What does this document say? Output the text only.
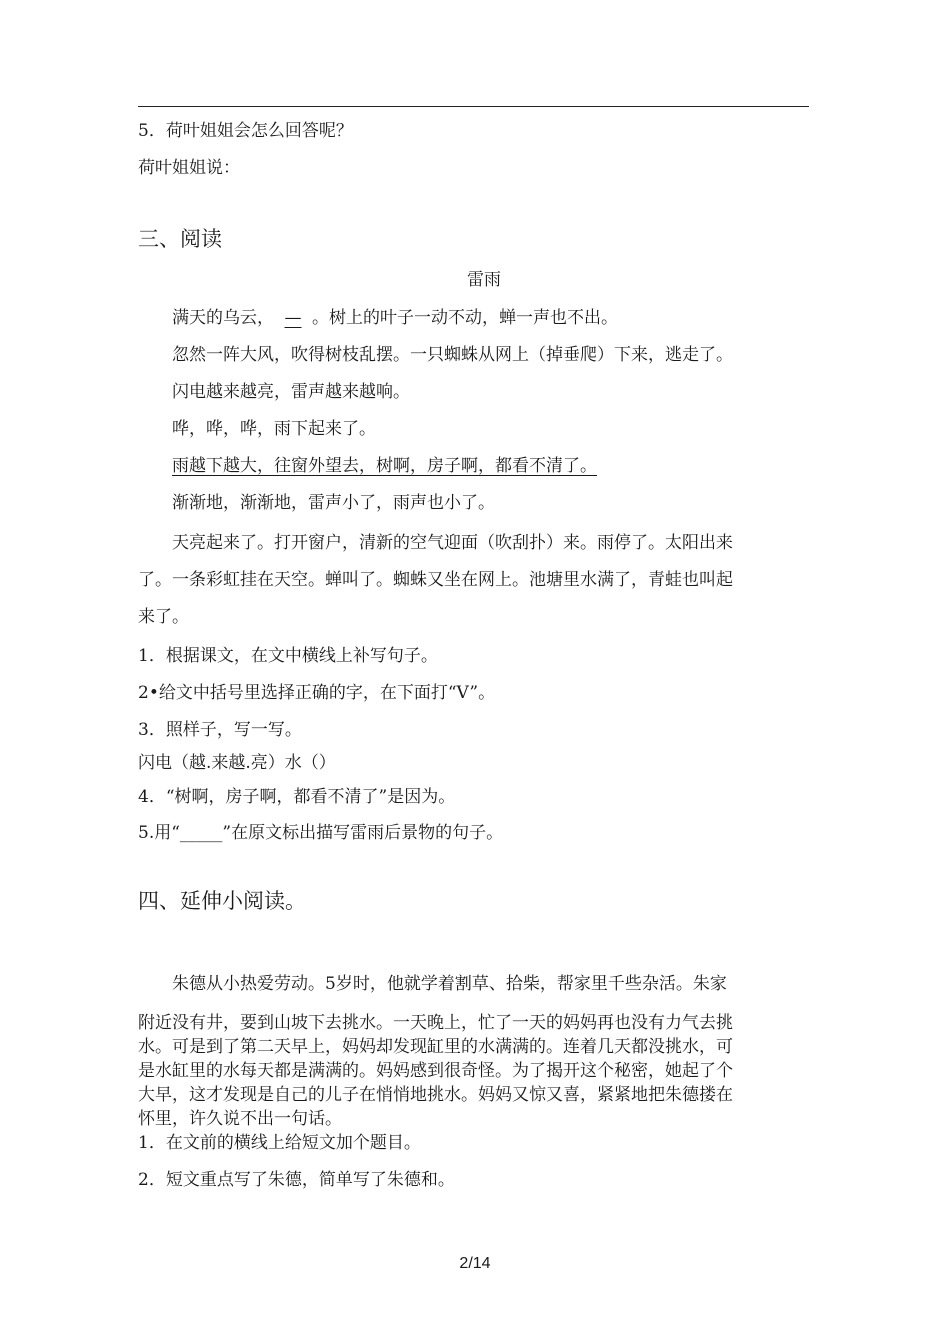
5．荷叶姐姐会怎么回答呢？
荷叶姐姐说：
三、阅读
雷雨
满天的乌云， — 。树上的叶子一动不动，蝉一声也不出。
忽然一阵大风，吹得树枝乱摆。一只蜘蛛从网上（掉垂爬）下来，逃走了。
闪电越来越亮，雷声越来越响。
哗，哗，哗，雨下起来了。
雨越下越大，往窗外望去，树啊，房子啊，都看不清了。
渐渐地，渐渐地，雷声小了，雨声也小了。
天亮起来了。打开窗户，清新的空气迎面（吹刮扑）来。雨停了。太阳出来
了。一条彩虹挂在天空。蝉叫了。蜘蛛又坐在网上。池塘里水满了，青蛙也叫起
来了。
1．根据课文，在文中横线上补写句子。
2•给文中括号里选择正确的字，在下面打“V”。
3．照样子，写一写。
闪电（越.来越.亮）水（）
4．“树啊，房子啊，都看不清了”是因为。
5.用“_____”在原文标出描写雷雨后景物的句子。
四、延伸小阅读。
朱德从小热爱劳动。5岁时，他就学着割草、拾柴，帮家里千些杂活。朱家
附近没有井，要到山坡下去挑水。一天晚上，忙了一天的妈妈再也没有力气去挑
水。可是到了第二天早上，妈妈却发现缸里的水满满的。连着几天都没挑水，可
是水缸里的水每天都是满满的。妈妈感到很奇怪。为了揭开这个秘密，她起了个
大早，这才发现是自己的儿子在悄悄地挑水。妈妈又惊又喜，紧紧地把朱德搂在
怀里，许久说不出一句话。
1．在文前的横线上给短文加个题目。
2．短文重点写了朱德，简单写了朱德和。
2/14
